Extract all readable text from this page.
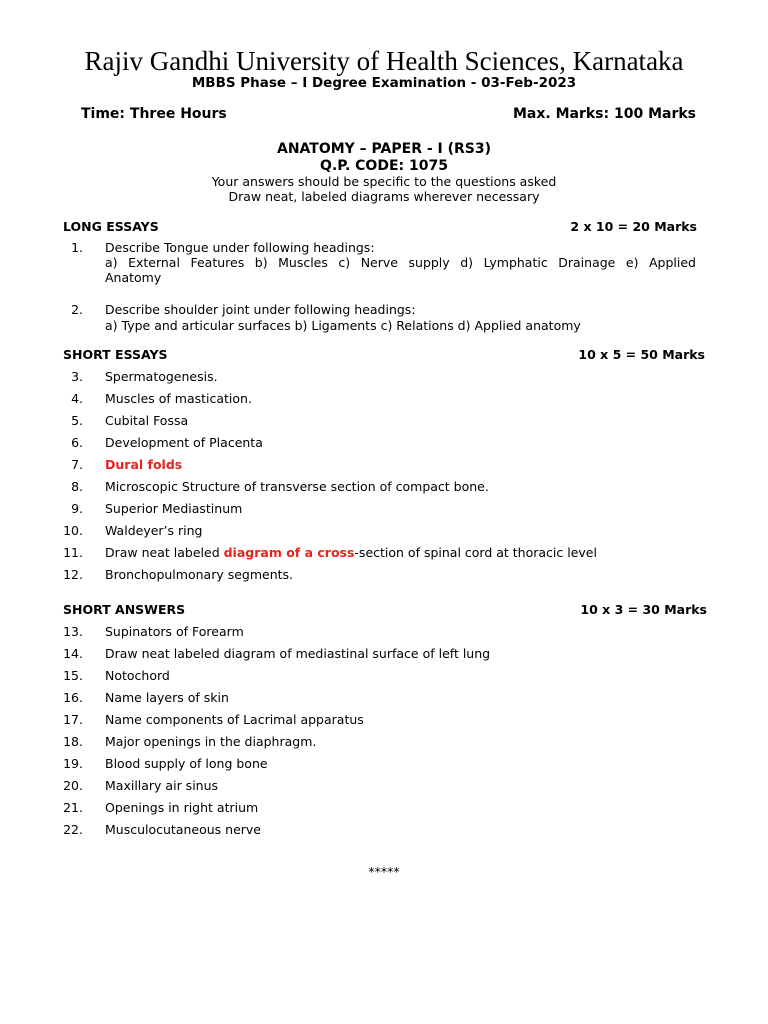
Rajiv Gandhi University of Health Sciences, Karnataka
MBBS Phase – I Degree Examination - 03-Feb-2023
Time: Three Hours	Max. Marks: 100 Marks
ANATOMY – PAPER - I (RS3)
Q.P. CODE: 1075
Your answers should be specific to the questions asked
Draw neat, labeled diagrams wherever necessary
LONG ESSAYS	2 x 10 = 20 Marks
1. Describe Tongue under following headings:
a) External Features b) Muscles c) Nerve supply d) Lymphatic Drainage e) Applied
Anatomy
2. Describe shoulder joint under following headings:
a) Type and articular surfaces b) Ligaments c) Relations d) Applied anatomy
SHORT ESSAYS	10 x 5 = 50 Marks
3. Spermatogenesis.
4. Muscles of mastication.
5. Cubital Fossa
6. Development of Placenta
7. Dural folds
8. Microscopic Structure of transverse section of compact bone.
9. Superior Mediastinum
10. Waldeyer’s ring
11. Draw neat labeled diagram of a cross-section of spinal cord at thoracic level
12. Bronchopulmonary segments.
SHORT ANSWERS	10 x 3 = 30 Marks
13. Supinators of Forearm
14. Draw neat labeled diagram of mediastinal surface of left lung
15. Notochord
16. Name layers of skin
17. Name components of Lacrimal apparatus
18. Major openings in the diaphragm.
19. Blood supply of long bone
20. Maxillary air sinus
21. Openings in right atrium
22. Musculocutaneous nerve
*****
